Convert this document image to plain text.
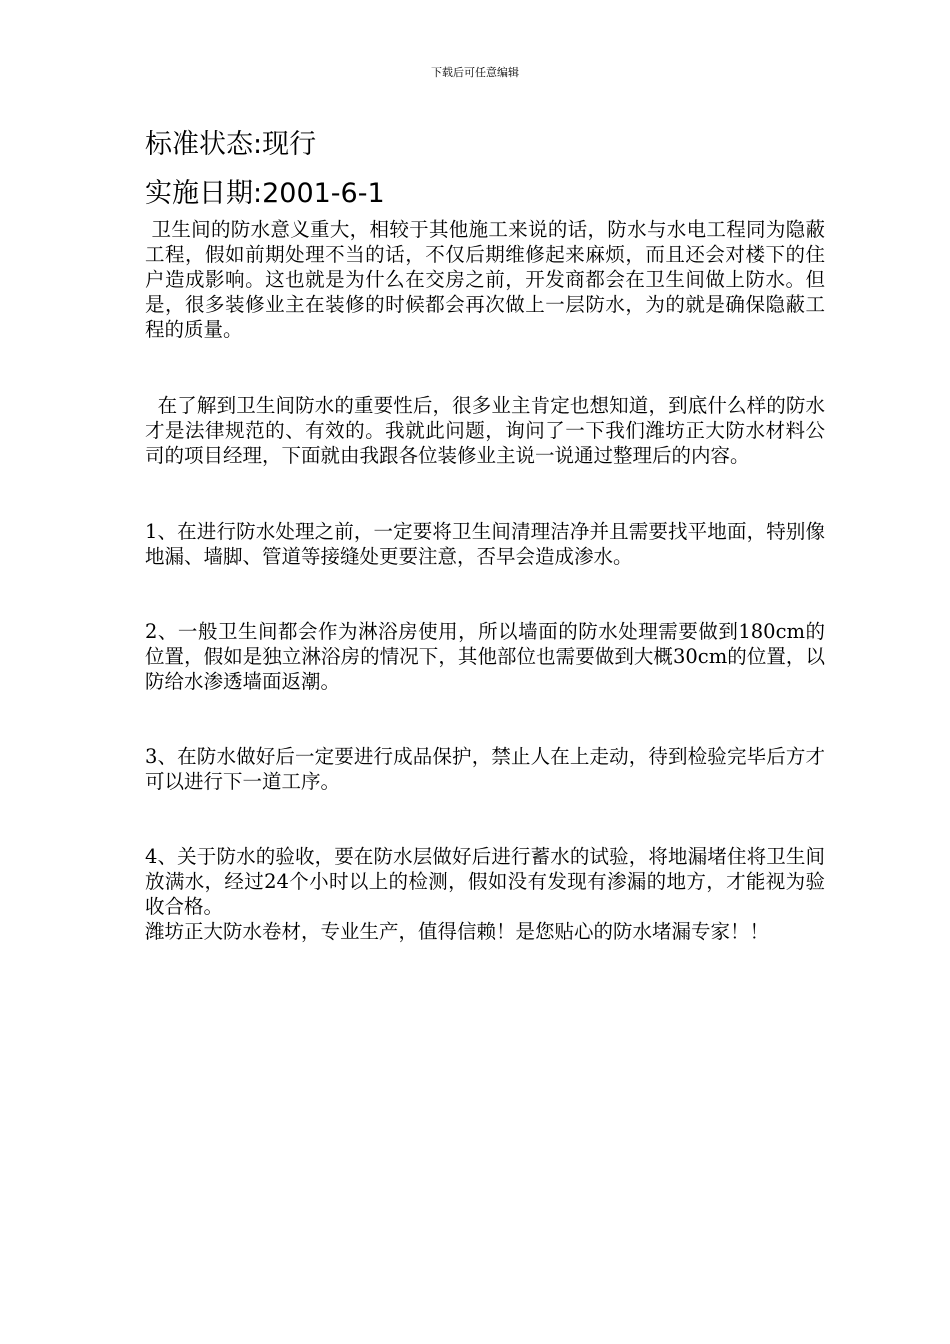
下载后可任意编辑

标准状态:现行

实施日期:2001-6-1

卫生间的防水意义重大，相较于其他施工来说的话，防水与水电工程同为隐蔽工程，假如前期处理不当的话，不仅后期维修起来麻烦，而且还会对楼下的住户造成影响。这也就是为什么在交房之前，开发商都会在卫生间做上防水。但是，很多装修业主在装修的时候都会再次做上一层防水，为的就是确保隐蔽工程的质量。

在了解到卫生间防水的重要性后，很多业主肯定也想知道，到底什么样的防水才是法律规范的、有效的。我就此问题，询问了一下我们潍坊正大防水材料公司的项目经理，下面就由我跟各位装修业主说一说通过整理后的内容。

1、在进行防水处理之前，一定要将卫生间清理洁净并且需要找平地面，特别像地漏、墙脚、管道等接缝处更要注意，否早会造成渗水。

2、一般卫生间都会作为淋浴房使用，所以墙面的防水处理需要做到180cm的位置，假如是独立淋浴房的情况下，其他部位也需要做到大概30cm的位置，以防给水渗透墙面返潮。

3、在防水做好后一定要进行成品保护，禁止人在上走动，待到检验完毕后方才可以进行下一道工序。

4、关于防水的验收，要在防水层做好后进行蓄水的试验，将地漏堵住将卫生间放满水，经过24个小时以上的检测，假如没有发现有渗漏的地方，才能视为验收合格。

潍坊正大防水卷材，专业生产，值得信赖！是您贴心的防水堵漏专家！！
